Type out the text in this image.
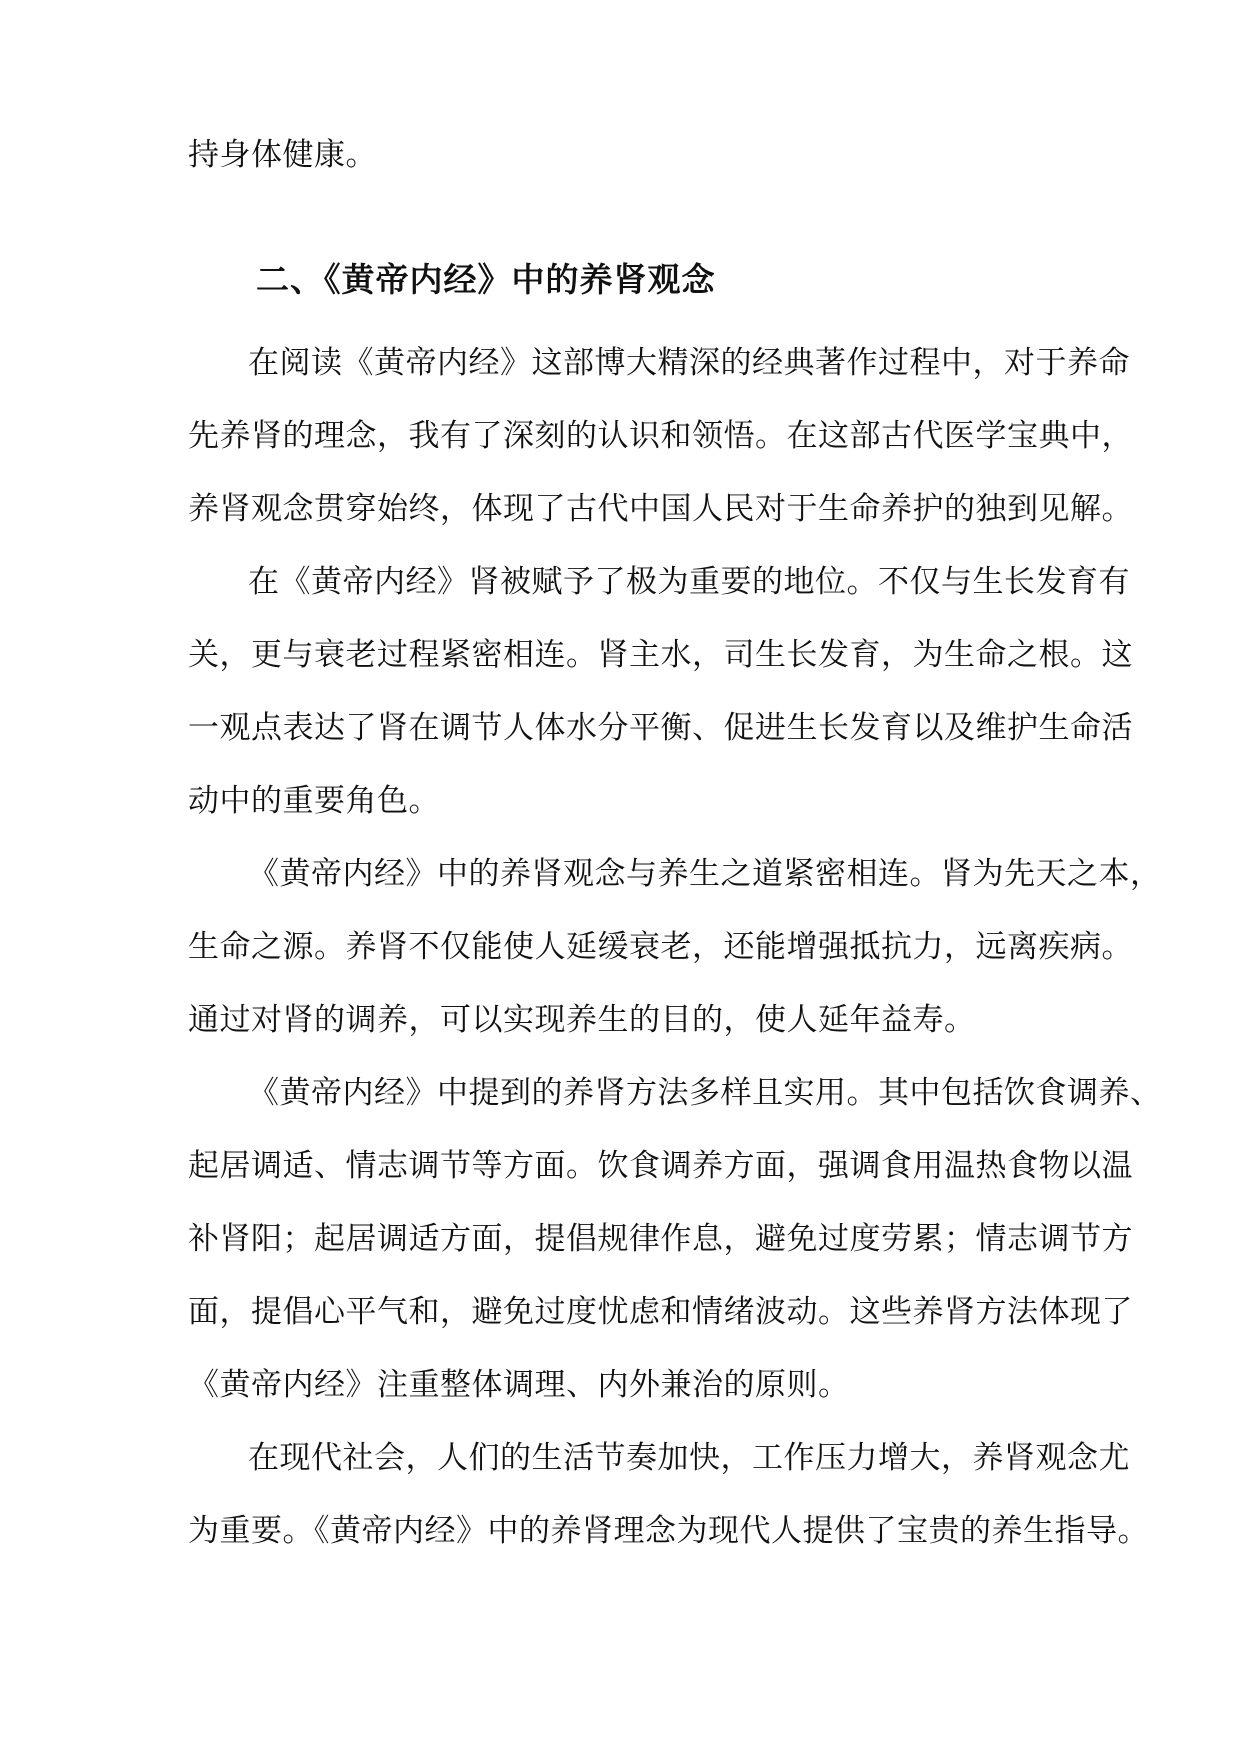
持身体健康。
二、《黄帝内经》中的养肾观念
在阅读《黄帝内经》这部博大精深的经典著作过程中，对于养命
先养肾的理念，我有了深刻的认识和领悟。在这部古代医学宝典中，
养肾观念贯穿始终，体现了古代中国人民对于生命养护的独到见解。
在《黄帝内经》肾被赋予了极为重要的地位。不仅与生长发育有
关，更与衰老过程紧密相连。肾主水，司生长发育，为生命之根。这
一观点表达了肾在调节人体水分平衡、促进生长发育以及维护生命活
动中的重要角色。
《黄帝内经》中的养肾观念与养生之道紧密相连。肾为先天之本，
生命之源。养肾不仅能使人延缓衰老，还能增强抵抗力，远离疾病。
通过对肾的调养，可以实现养生的目的，使人延年益寿。
《黄帝内经》中提到的养肾方法多样且实用。其中包括饮食调养、
起居调适、情志调节等方面。饮食调养方面，强调食用温热食物以温
补肾阳；起居调适方面，提倡规律作息，避免过度劳累；情志调节方
面，提倡心平气和，避免过度忧虑和情绪波动。这些养肾方法体现了
《黄帝内经》注重整体调理、内外兼治的原则。
在现代社会，人们的生活节奏加快，工作压力增大，养肾观念尤
为重要。《黄帝内经》中的养肾理念为现代人提供了宝贵的养生指导。
